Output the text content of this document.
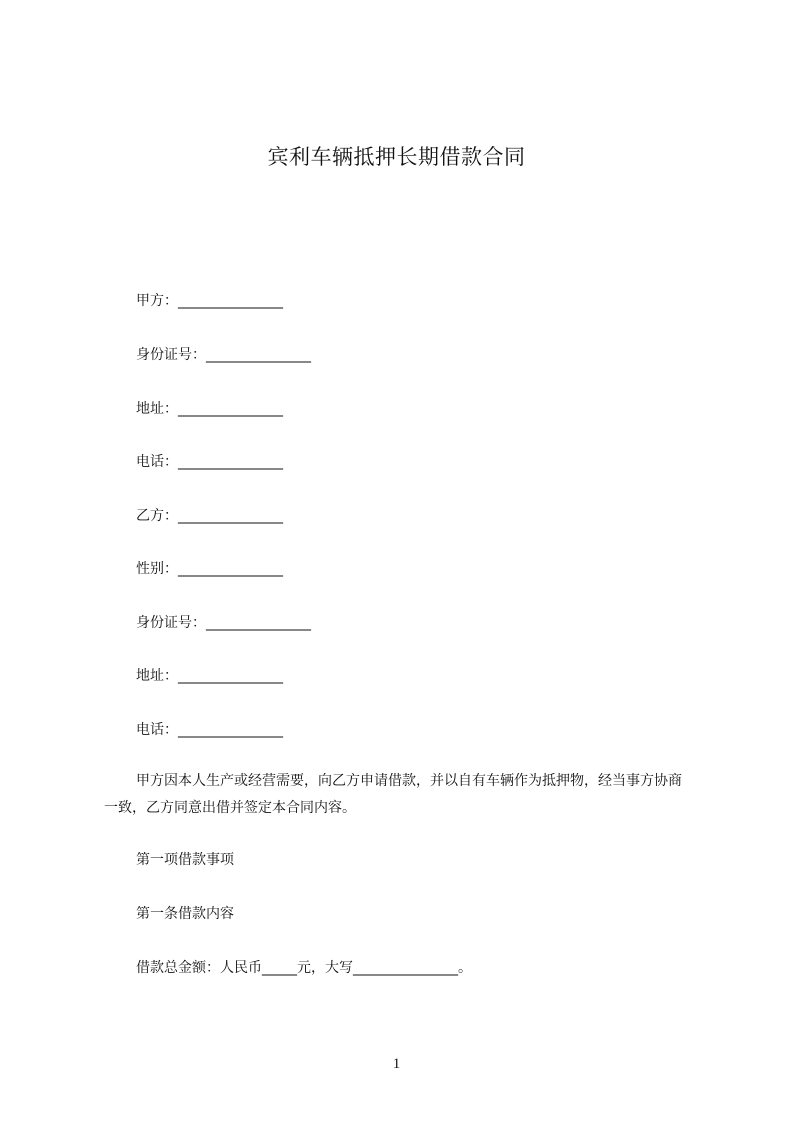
宾利车辆抵押长期借款合同
甲方：_______________
身份证号：_______________
地址：_______________
电话：_______________
乙方：_______________
性别：_______________
身份证号：_______________
地址：_______________
电话：_______________
甲方因本人生产或经营需要，向乙方申请借款，并以自有车辆作为抵押物，经当事方协商一致，乙方同意出借并签定本合同内容。
第一项借款事项
第一条借款内容
借款总金额：人民币_____元，大写_______________。
1
